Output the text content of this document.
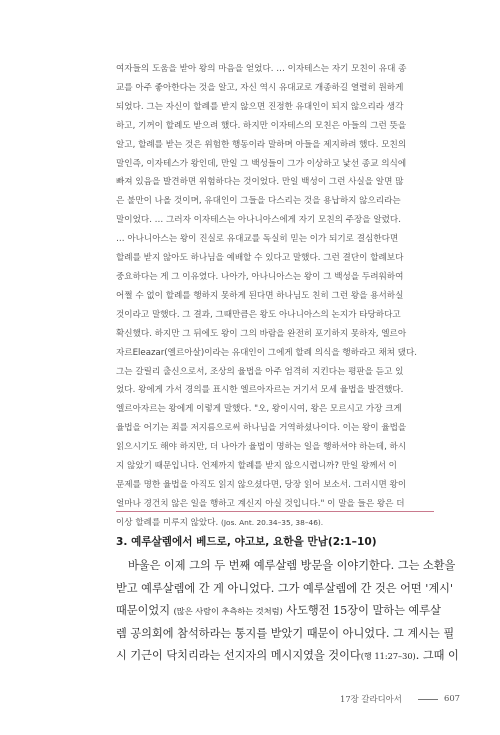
여자들의 도움을 받아 왕의 마음을 얻었다. … 이자테스는 자기 모친이 유대 종
교를 아주 좋아한다는 것을 알고, 자신 역시 유대교로 개종하길 열렬히 원하게
되었다. 그는 자신이 할례를 받지 않으면 진정한 유대인이 되지 않으리라 생각
하고, 기꺼이 할례도 받으려 했다. 하지만 이자테스의 모친은 아들의 그런 뜻을
알고, 할례를 받는 것은 위험한 행동이라 말하며 아들을 제지하려 했다. 모친의
말인즉, 이자테스가 왕인데, 만일 그 백성들이 그가 이상하고 낯선 종교 의식에
빠져 있음을 발견하면 위험하다는 것이었다. 만일 백성이 그런 사실을 알면 많
은 불만이 나올 것이며, 유대인이 그들을 다스리는 것을 용납하지 않으리라는
말이었다. … 그러자 이자테스는 아나니아스에게 자기 모친의 주장을 알렸다.
… 아나니아스는 왕이 진실로 유대교를 독실히 믿는 이가 되기로 결심한다면
할례를 받지 않아도 하나님을 예배할 수 있다고 말했다. 그런 결단이 할례보다
중요하다는 게 그 이유였다. 나아가, 아나니아스는 왕이 그 백성을 두려워하여
어쩔 수 없이 할례를 행하지 못하게 된다면 하나님도 친히 그런 왕을 용서하실
것이라고 말했다. 그 결과, 그때만큼은 왕도 아나니아스의 논지가 타당하다고
확신했다. 하지만 그 뒤에도 왕이 그의 바람을 완전히 포기하지 못하자, 엘르아
자르Eleazar(엘르아살)이라는 유대인이 그에게 할례 의식을 행하라고 채쳐 댔다.
그는 갈릴리 출신으로서, 조상의 율법을 아주 엄격히 지킨다는 평판을 듣고 있
었다. 왕에게 가서 경의를 표시한 엘르아자르는 거기서 모세 율법을 발견했다.
엘르아자르는 왕에게 이렇게 말했다. "오, 왕이시여, 왕은 모르시고 가장 크게
율법을 어기는 죄를 저지름으로써 하나님을 거역하셨나이다. 이는 왕이 율법을
읽으시기도 해야 하지만, 더 나아가 율법이 명하는 일을 행하셔야 하는데, 하시
지 않았기 때문입니다. 언제까지 할례를 받지 않으시렵니까? 만일 왕께서 이
문제를 명한 율법을 아직도 읽지 않으셨다면, 당장 읽어 보소서. 그러시면 왕이
얼마나 경건치 않은 일을 행하고 계신지 아실 것입니다." 이 말을 들은 왕은 더
이상 할례를 미루지 않았다. (Jos. Ant. 20.34–35, 38–46).
3. 예루살렘에서 베드로, 야고보, 요한을 만남(2:1–10)
바울은 이제 그의 두 번째 예루살렘 방문을 이야기한다. 그는 소환을
받고 예루살렘에 간 게 아니었다. 그가 예루살렘에 간 것은 어떤 '계시'
때문이었지 (많은 사람이 추측하는 것처럼) 사도행전 15장이 말하는 예루살
렘 공의회에 참석하라는 통지를 받았기 때문이 아니었다. 그 계시는 필
시 기근이 닥치리라는 선지자의 메시지였을 것이다(행 11:27–30). 그때 이
17장 갈라디아서	607
